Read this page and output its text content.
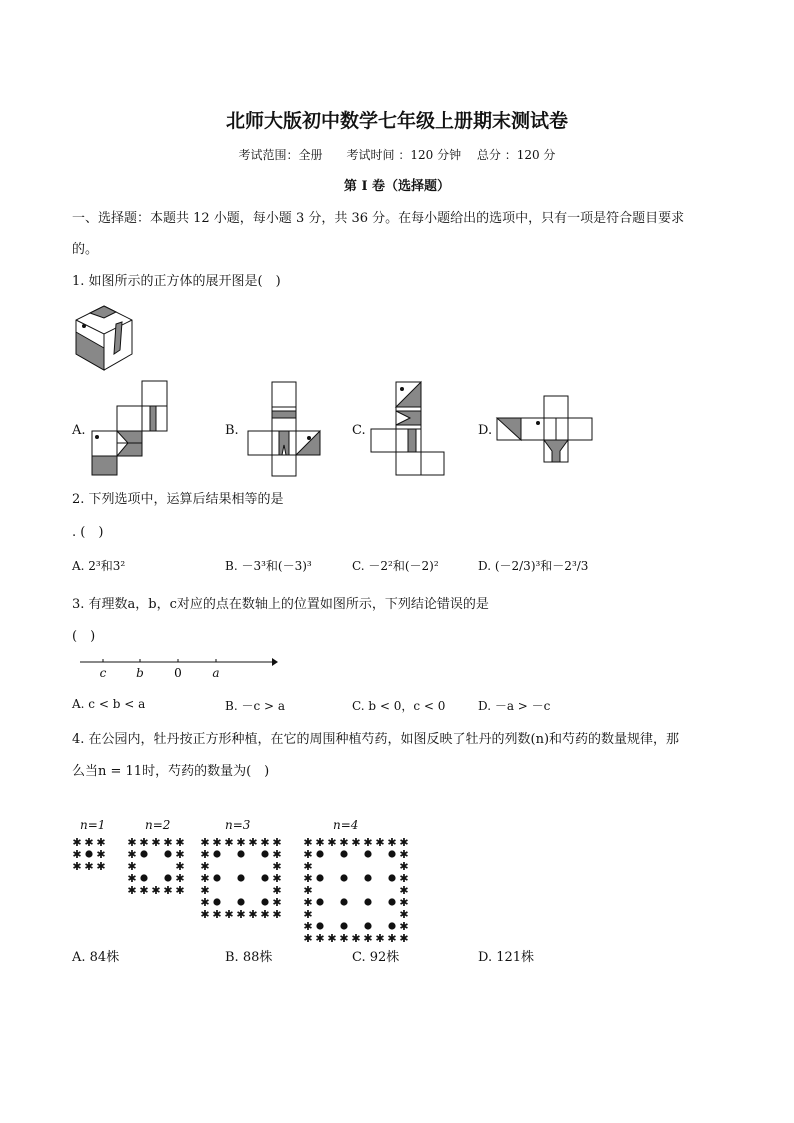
北师大版初中数学七年级上册期末测试卷
考试范围：全册　　考试时间 ：120 分钟　 总分 ：120 分
第 I 卷（选择题）
一、选择题：本题共 12 小题，每小题 3 分，共 36 分。在每小题给出的选项中，只有一项是符合题目要求
的。
1. 如图所示的正方体的展开图是(　)
A.	B.	C.	D.
2. 下列选项中，运算后结果相等的是
. (　)
A. 2³和3²	B. －3³和(－3)³	C. －2²和(－2)²	D. (－2/3)³和－2³/3
3. 有理数a，b，c对应的点在数轴上的位置如图所示，下列结论错误的是
(　)
c b	0	a
A. c < b < a	B. －c > a	C. b < 0，c < 0	D. －a > －c
4. 在公园内，牡丹按正方形种植，在它的周围种植芍药，如图反映了牡丹的列数(n)和芍药的数量规律，那
么当n = 11时，芍药的数量为(　)
n=1	n=2	n=3	n=4
✱ ✱ ✱
✱ ✱
✱ ✱ ✱
✱ ✱ ✱ ✱ ✱
✱	✱
✱	✱
✱	✱
✱ ✱ ✱ ✱ ✱
✱ ✱ ✱ ✱ ✱ ✱ ✱
✱	✱
✱	✱
✱	✱
✱	✱
✱	✱
✱ ✱ ✱ ✱ ✱ ✱ ✱
✱ ✱ ✱ ✱ ✱ ✱ ✱ ✱ ✱
✱	✱
✱	✱
✱	✱
✱	✱
✱	✱
✱	✱
✱	✱
✱ ✱ ✱ ✱ ✱ ✱ ✱ ✱ ✱
A. 84株	B. 88株	C. 92株	D. 121株
